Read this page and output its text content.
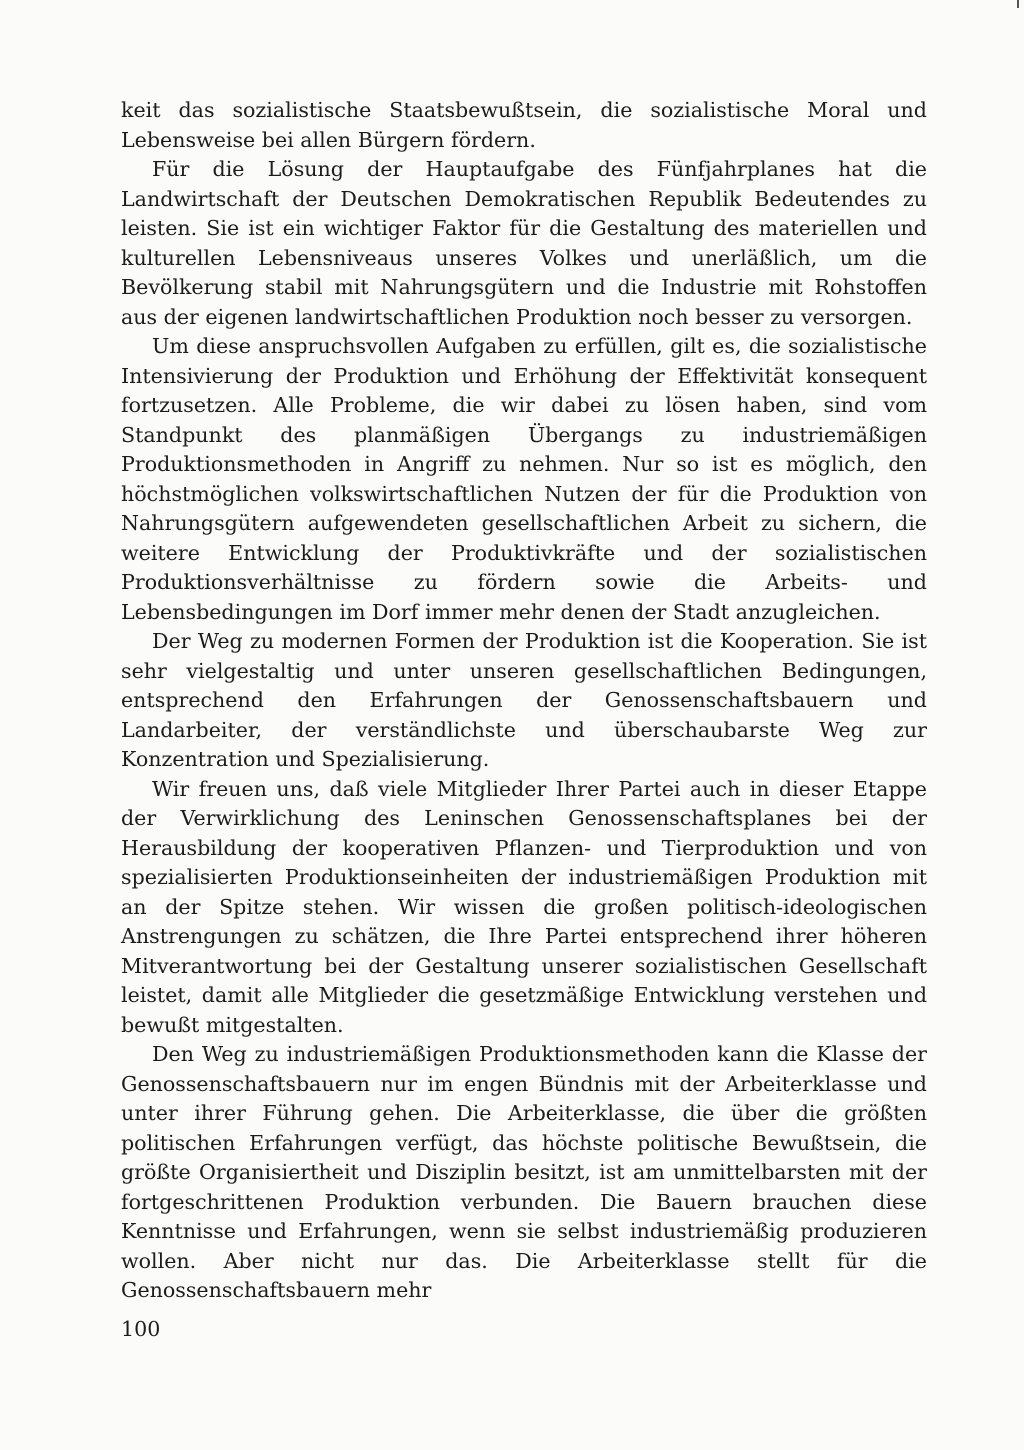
keit das sozialistische Staatsbewußtsein, die sozialistische Moral und Lebensweise bei allen Bürgern fördern.

Für die Lösung der Hauptaufgabe des Fünfjahrplanes hat die Landwirtschaft der Deutschen Demokratischen Republik Bedeutendes zu leisten. Sie ist ein wichtiger Faktor für die Gestaltung des materiellen und kulturellen Lebensniveaus unseres Volkes und unerläßlich, um die Bevölkerung stabil mit Nahrungsgütern und die Industrie mit Rohstoffen aus der eigenen landwirtschaftlichen Produktion noch besser zu versorgen.

Um diese anspruchsvollen Aufgaben zu erfüllen, gilt es, die sozialistische Intensivierung der Produktion und Erhöhung der Effektivität konsequent fortzusetzen. Alle Probleme, die wir dabei zu lösen haben, sind vom Standpunkt des planmäßigen Übergangs zu industriemäßigen Produktionsmethoden in Angriff zu nehmen. Nur so ist es möglich, den höchstmöglichen volkswirtschaftlichen Nutzen der für die Produktion von Nahrungsgütern aufgewendeten gesellschaftlichen Arbeit zu sichern, die weitere Entwicklung der Produktivkräfte und der sozialistischen Produktionsverhältnisse zu fördern sowie die Arbeits- und Lebensbedingungen im Dorf immer mehr denen der Stadt anzugleichen.

Der Weg zu modernen Formen der Produktion ist die Kooperation. Sie ist sehr vielgestaltig und unter unseren gesellschaftlichen Bedingungen, entsprechend den Erfahrungen der Genossenschaftsbauern und Landarbeiter, der verständlichste und überschaubarste Weg zur Konzentration und Spezialisierung.

Wir freuen uns, daß viele Mitglieder Ihrer Partei auch in dieser Etappe der Verwirklichung des Leninschen Genossenschaftsplanes bei der Herausbildung der kooperativen Pflanzen- und Tierproduktion und von spezialisierten Produktionseinheiten der industriemäßigen Produktion mit an der Spitze stehen. Wir wissen die großen politisch-ideologischen Anstrengungen zu schätzen, die Ihre Partei entsprechend ihrer höheren Mitverantwortung bei der Gestaltung unserer sozialistischen Gesellschaft leistet, damit alle Mitglieder die gesetzmäßige Entwicklung verstehen und bewußt mitgestalten.

Den Weg zu industriemäßigen Produktionsmethoden kann die Klasse der Genossenschaftsbauern nur im engen Bündnis mit der Arbeiterklasse und unter ihrer Führung gehen. Die Arbeiterklasse, die über die größten politischen Erfahrungen verfügt, das höchste politische Bewußtsein, die größte Organisiertheit und Disziplin besitzt, ist am unmittelbarsten mit der fortgeschrittenen Produktion verbunden. Die Bauern brauchen diese Kenntnisse und Erfahrungen, wenn sie selbst industriemäßig produzieren wollen. Aber nicht nur das. Die Arbeiterklasse stellt für die Genossenschaftsbauern mehr

100
